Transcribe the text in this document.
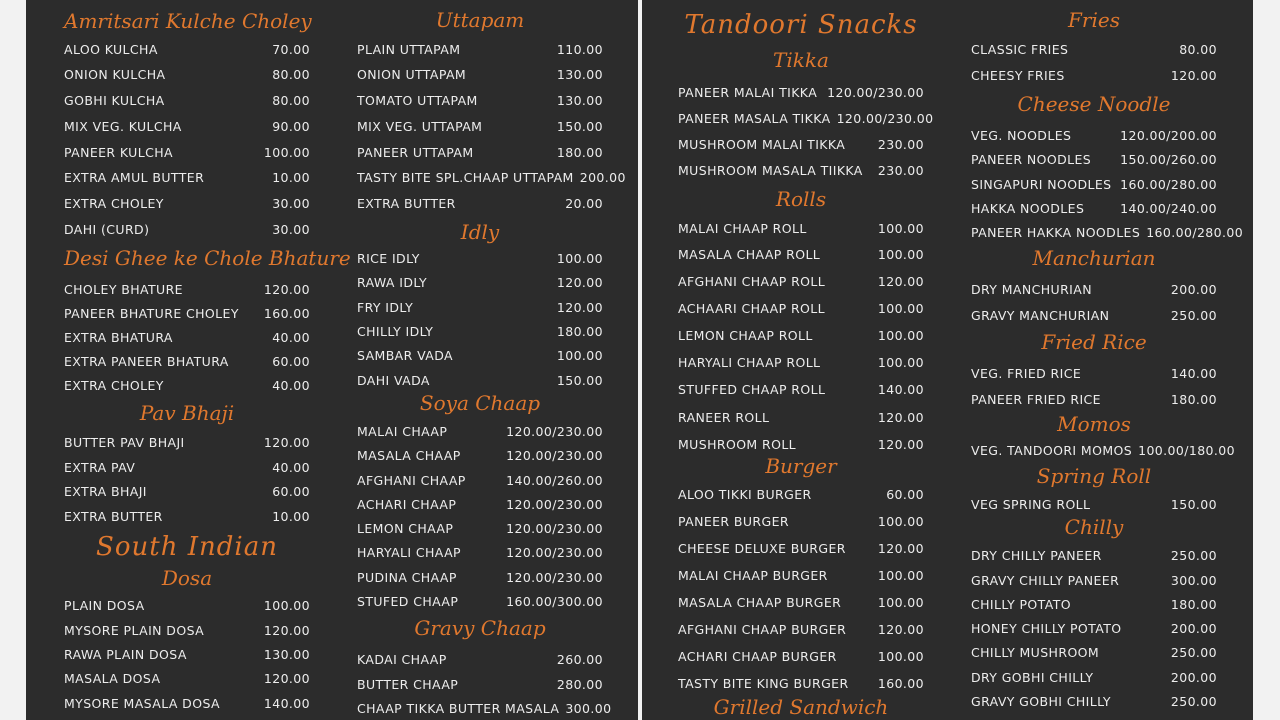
Amritsari Kulche Choley
ALOO KULCHA	70.00
ONION KULCHA	80.00
GOBHI KULCHA	80.00
MIX VEG. KULCHA	90.00
PANEER KULCHA	100.00
EXTRA AMUL BUTTER	10.00
EXTRA CHOLEY	30.00
DAHI (CURD)	30.00
Desi Ghee ke Chole Bhature
CHOLEY BHATURE	120.00
PANEER BHATURE CHOLEY	160.00
EXTRA BHATURA	40.00
EXTRA PANEER BHATURA	60.00
EXTRA CHOLEY	40.00
Pav Bhaji
BUTTER PAV BHAJI	120.00
EXTRA PAV	40.00
EXTRA BHAJI	60.00
EXTRA BUTTER	10.00
South Indian
Dosa
PLAIN DOSA	100.00
MYSORE PLAIN DOSA	120.00
RAWA PLAIN DOSA	130.00
MASALA DOSA	120.00
MYSORE MASALA DOSA	140.00
Uttapam
PLAIN UTTAPAM	110.00
ONION UTTAPAM	130.00
TOMATO UTTAPAM	130.00
MIX VEG. UTTAPAM	150.00
PANEER UTTAPAM	180.00
TASTY BITE SPL.CHAAP UTTAPAM 200.00
EXTRA BUTTER	20.00
Idly
RICE IDLY	100.00
RAWA IDLY	120.00
FRY IDLY	120.00
CHILLY IDLY	180.00
SAMBAR VADA	100.00
DAHI VADA	150.00
Soya Chaap
MALAI CHAAP	120.00/230.00
MASALA CHAAP	120.00/230.00
AFGHANI CHAAP	140.00/260.00
ACHARI CHAAP	120.00/230.00
LEMON CHAAP	120.00/230.00
HARYALI CHAAP	120.00/230.00
PUDINA CHAAP	120.00/230.00
STUFED CHAAP	160.00/300.00
Gravy Chaap
KADAI CHAAP	260.00
BUTTER CHAAP	280.00
CHAAP TIKKA BUTTER MASALA 300.00
Tandoori Snacks
Tikka
PANEER MALAI TIKKA 120.00/230.00
PANEER MASALA TIKKA 120.00/230.00
MUSHROOM MALAI TIKKA	230.00
MUSHROOM MASALA TIIKKA	230.00
Rolls
MALAI CHAAP ROLL	100.00
MASALA CHAAP ROLL	100.00
AFGHANI CHAAP ROLL	120.00
ACHAARI CHAAP ROLL	100.00
LEMON CHAAP ROLL	100.00
HARYALI CHAAP ROLL	100.00
STUFFED CHAAP ROLL	140.00
RANEER ROLL	120.00
MUSHROOM ROLL	120.00
Burger
ALOO TIKKI BURGER	60.00
PANEER BURGER	100.00
CHEESE DELUXE BURGER	120.00
MALAI CHAAP BURGER	100.00
MASALA CHAAP BURGER	100.00
AFGHANI CHAAP BURGER	120.00
ACHARI CHAAP BURGER	100.00
TASTY BITE KING BURGER	160.00
Grilled Sandwich
Fries
CLASSIC FRIES	80.00
CHEESY FRIES	120.00
Cheese Noodle
VEG. NOODLES	120.00/200.00
PANEER NOODLES	150.00/260.00
SINGAPURI NOODLES 160.00/280.00
HAKKA NOODLES	140.00/240.00
PANEER HAKKA NOODLES 160.00/280.00
Manchurian
DRY MANCHURIAN	200.00
GRAVY MANCHURIAN	250.00
Fried Rice
VEG. FRIED RICE	140.00
PANEER FRIED RICE	180.00
Momos
VEG. TANDOORI MOMOS 100.00/180.00
Spring Roll
VEG SPRING ROLL	150.00
Chilly
DRY CHILLY PANEER	250.00
GRAVY CHILLY PANEER	300.00
CHILLY POTATO	180.00
HONEY CHILLY POTATO	200.00
CHILLY MUSHROOM	250.00
DRY GOBHI CHILLY	200.00
GRAVY GOBHI CHILLY	250.00
